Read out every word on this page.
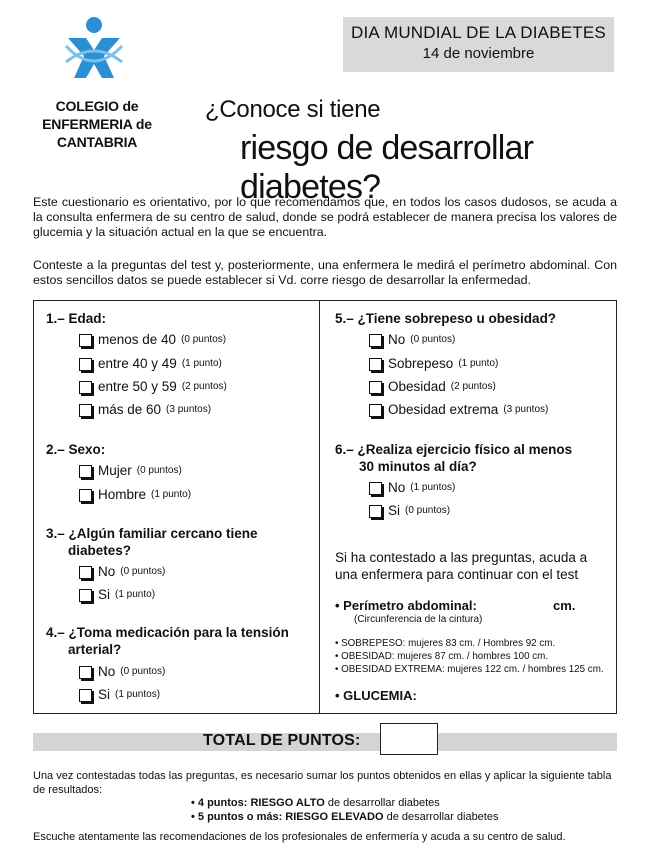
COLEGIO de
ENFERMERIA de
CANTABRIA
DIA MUNDIAL DE LA DIABETES
14 de noviembre
¿Conoce si tiene
riesgo de desarrollar diabetes?
Este cuestionario es orientativo, por lo que recomendamos que, en todos los casos dudosos, se acuda a la consulta enfermera de su centro de salud, donde se podrá establecer de manera precisa los valores de glucemia y la situación actual en la que se encuentra.
Conteste a la preguntas del test y, posteriormente, una enfermera le medirá el perímetro abdominal. Con estos sencillos datos se puede establecer si Vd. corre riesgo de desarrollar la enfermedad.
1.– Edad:
menos de 40 (0 puntos)
entre 40 y 49 (1 punto)
entre 50 y 59 (2 puntos)
más de 60 (3 puntos)
2.– Sexo:
Mujer (0 puntos)
Hombre (1 punto)
3.– ¿Algún familiar cercano tiene
diabetes?
No (0 puntos)
Si (1 punto)
4.– ¿Toma medicación para la tensión
arterial?
No (0 puntos)
Si (1 puntos)
5.– ¿Tiene sobrepeso u obesidad?
No (0 puntos)
Sobrepeso (1 punto)
Obesidad (2 puntos)
Obesidad extrema (3 puntos)
6.– ¿Realiza ejercicio físico al menos
30 minutos al día?
No (1 puntos)
Si (0 puntos)
Si ha contestado a las preguntas, acuda a
una enfermera para continuar con el test
• Perímetro abdominal:	cm.
(Circunferencia de la cintura)
• SOBREPESO: mujeres 83 cm. / Hombres 92 cm.
• OBESIDAD: mujeres 87 cm. / hombres 100 cm.
• OBESIDAD EXTREMA: mujeres 122 cm. / hombres 125 cm.
• GLUCEMIA:
TOTAL DE PUNTOS:
Una vez contestadas todas las preguntas, es necesario sumar los puntos obtenidos en ellas y aplicar la siguiente tabla de resultados:
• 4 puntos: RIESGO ALTO de desarrollar diabetes
• 5 puntos o más: RIESGO ELEVADO de desarrollar diabetes
Escuche atentamente las recomendaciones de los profesionales de enfermería y acuda a su centro de salud.
